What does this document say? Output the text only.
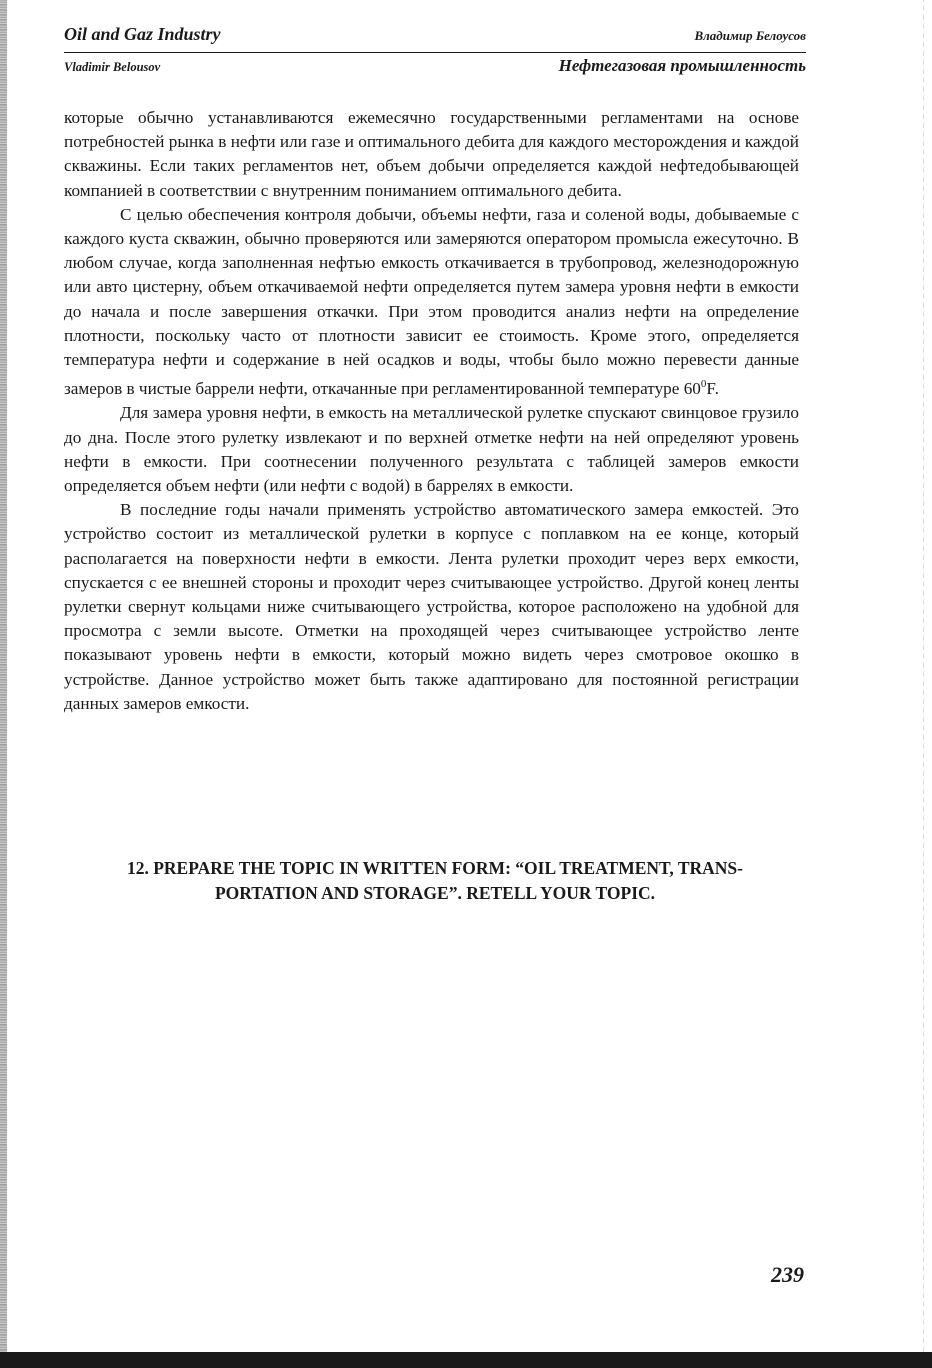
Oil and Gaz Industry	Владимир Белоусов
Vladimir Belousov	Нефтегазовая промышленность

которые обычно устанавливаются ежемесячно государственными регламентами на основе потребностей рынка в нефти или газе и оптимального дебита для каждого месторождения и каждой скважины. Если таких регламентов нет, объем добычи определяется каждой нефтедобывающей компанией в соответствии с внутренним пониманием оптимального дебита.

С целью обеспечения контроля добычи, объемы нефти, газа и соленой воды, добываемые с каждого куста скважин, обычно проверяются или замеряются оператором промысла ежесуточно. В любом случае, когда заполненная нефтью емкость откачивается в трубопровод, железнодорожную или авто цистерну, объем откачиваемой нефти определяется путем замера уровня нефти в емкости до начала и после завершения откачки. При этом проводится анализ нефти на определение плотности, поскольку часто от плотности зависит ее стоимость. Кроме этого, определяется температура нефти и содержание в ней осадков и воды, чтобы было можно перевести данные замеров в чистые баррели нефти, откачанные при регламентированной температуре $60^0F$.

Для замера уровня нефти, в емкость на металлической рулетке спускают свинцовое грузило до дна. После этого рулетку извлекают и по верхней отметке нефти на ней определяют уровень нефти в емкости. При соотнесении полученного результата с таблицей замеров емкости определяется объем нефти (или нефти с водой) в баррелях в емкости.

В последние годы начали применять устройство автоматического замера емкостей. Это устройство состоит из металлической рулетки в корпусе с поплавком на ее конце, который располагается на поверхности нефти в емкости. Лента рулетки проходит через верх емкости, спускается с ее внешней стороны и проходит через считывающее устройство. Другой конец ленты рулетки свернут кольцами ниже считывающего устройства, которое расположено на удобной для просмотра с земли высоте. Отметки на проходящей через считывающее устройство ленте показывают уровень нефти в емкости, который можно видеть через смотровое окошко в устройстве. Данное устройство может быть также адаптировано для постоянной регистрации данных замеров емкости.

12. PREPARE THE TOPIC IN WRITTEN FORM: “OIL TREATMENT, TRANS-
PORTATION AND STORAGE”. RETELL YOUR TOPIC.
239
